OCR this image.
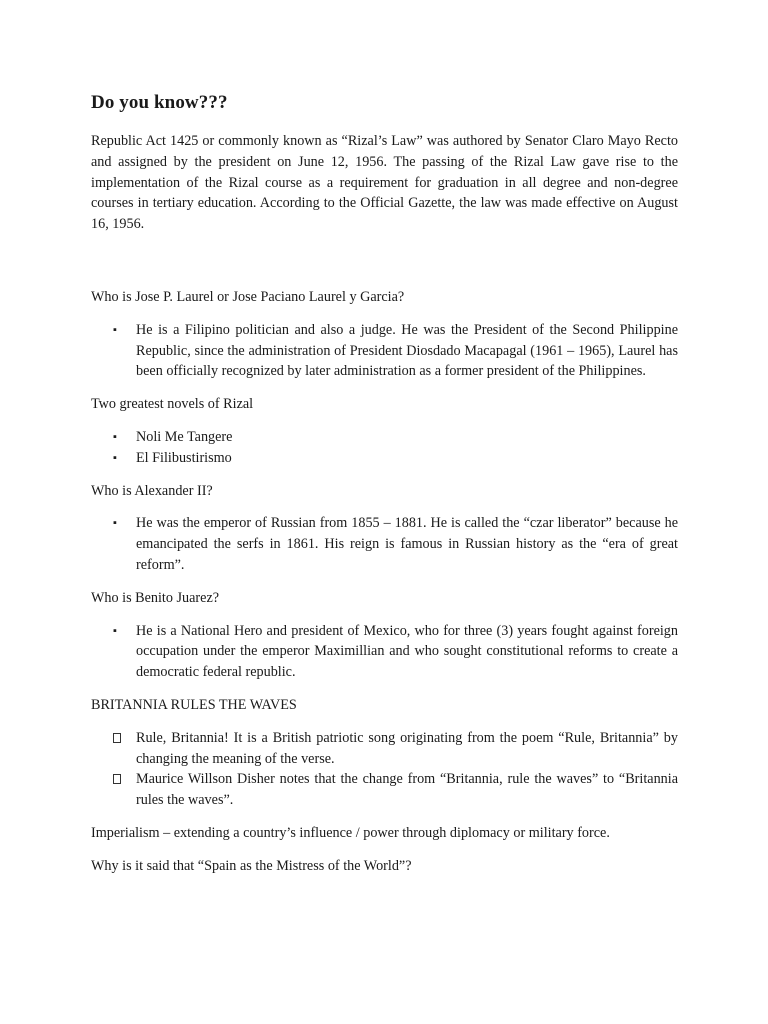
Do you know???

Republic Act 1425 or commonly known as “Rizal’s Law” was authored by Senator Claro Mayo Recto and assigned by the president on June 12, 1956. The passing of the Rizal Law gave rise to the implementation of the Rizal course as a requirement for graduation in all degree and non-degree courses in tertiary education. According to the Official Gazette, the law was made effective on August 16, 1956.

Who is Jose P. Laurel or Jose Paciano Laurel y Garcia?

▪ He is a Filipino politician and also a judge. He was the President of the Second Philippine Republic, since the administration of President Diosdado Macapagal (1961 – 1965), Laurel has been officially recognized by later administration as a former president of the Philippines.

Two greatest novels of Rizal

▪ Noli Me Tangere
▪ El Filibustirismo

Who is Alexander II?

▪ He was the emperor of Russian from 1855 – 1881. He is called the “czar liberator” because he emancipated the serfs in 1861. His reign is famous in Russian history as the “era of great reform”.

Who is Benito Juarez?

▪ He is a National Hero and president of Mexico, who for three (3) years fought against foreign occupation under the emperor Maximillian and who sought constitutional reforms to create a democratic federal republic.

BRITANNIA RULES THE WAVES

Rule, Britannia! It is a British patriotic song originating from the poem “Rule, Britannia” by changing the meaning of the verse.
Maurice Willson Disher notes that the change from “Britannia, rule the waves” to “Britannia rules the waves”.

Imperialism – extending a country’s influence / power through diplomacy or military force.

Why is it said that “Spain as the Mistress of the World”?
